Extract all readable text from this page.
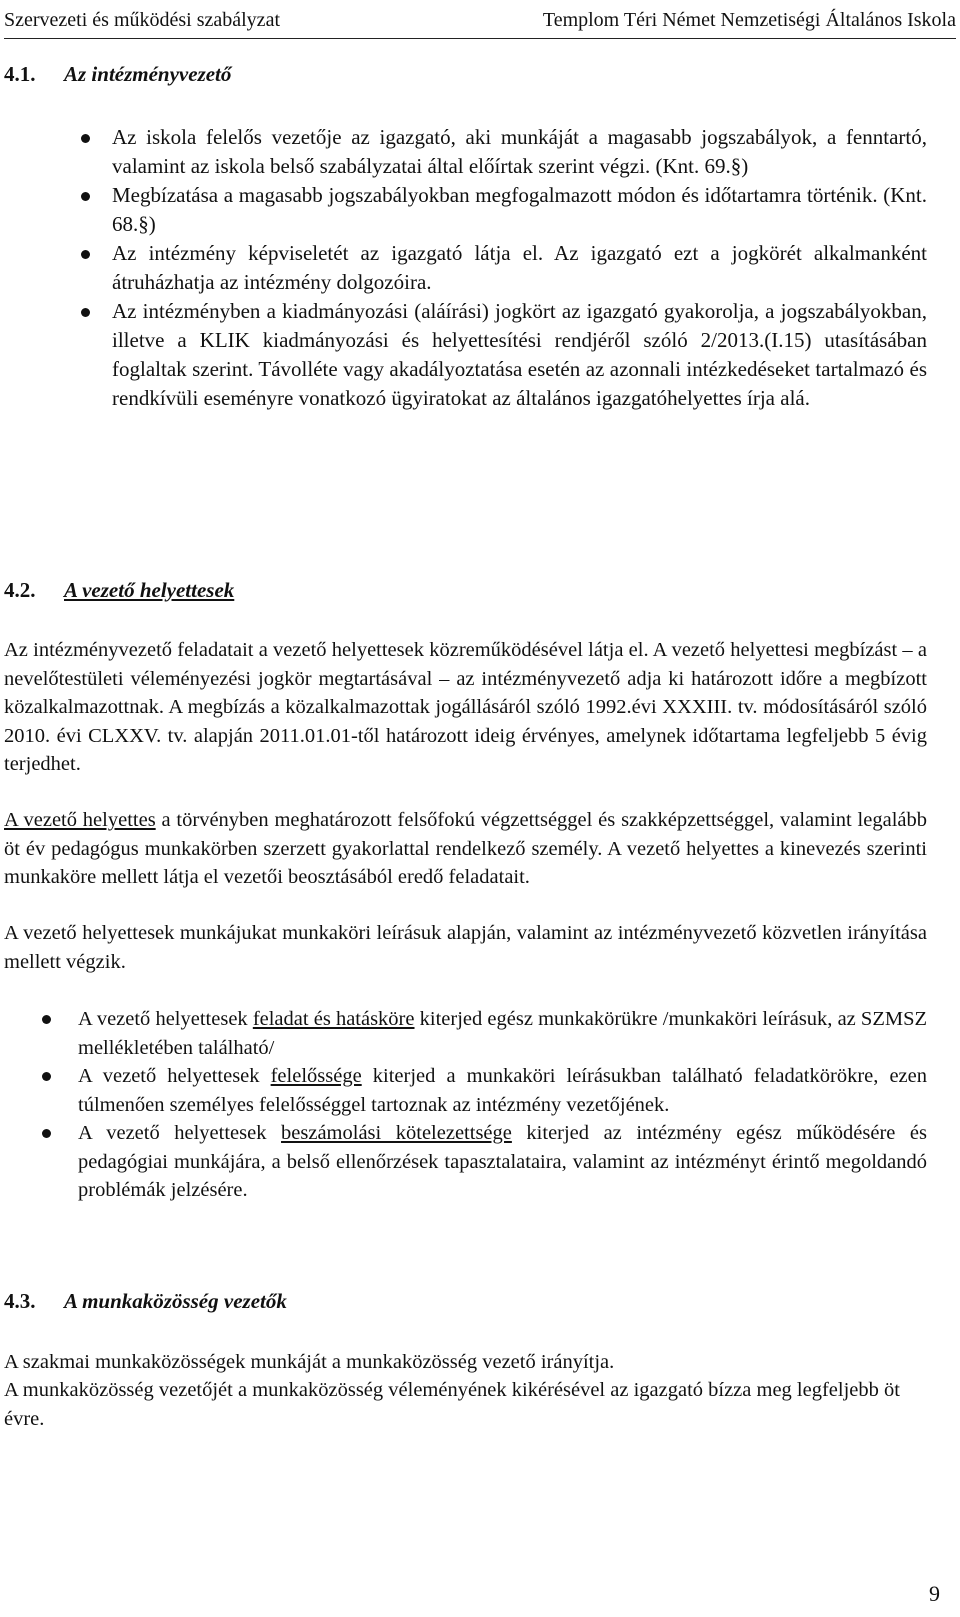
Szervezeti és működési szabályzat	Templom Téri Német Nemzetiségi Általános Iskola
4.1. Az intézményvezető
Az iskola felelős vezetője az igazgató, aki munkáját a magasabb jogszabályok, a fenntartó, valamint az iskola belső szabályzatai által előírtak szerint végzi. (Knt. 69.§)
Megbízatása a magasabb jogszabályokban megfogalmazott módon és időtartamra történik. (Knt. 68.§)
Az intézmény képviseletét az igazgató látja el. Az igazgató ezt a jogkörét alkalmanként átruházhatja az intézmény dolgozóira.
Az intézményben a kiadmányozási (aláírási) jogkört az igazgató gyakorolja, a jogszabályokban, illetve a KLIK kiadmányozási és helyettesítési rendjéről szóló 2/2013.(I.15) utasításában foglaltak szerint. Távolléte vagy akadályoztatása esetén az azonnali intézkedéseket tartalmazó és rendkívüli eseményre vonatkozó ügyiratokat az általános igazgatóhelyettes írja alá.
4.2. A vezető helyettesek
Az intézményvezető feladatait a vezető helyettesek közreműködésével látja el. A vezető helyettesi megbízást – a nevelőtestületi véleményezési jogkör megtartásával – az intézményvezető adja ki határozott időre a megbízott közalkalmazottnak. A megbízás a közalkalmazottak jogállásáról szóló 1992.évi XXXIII. tv. módosításáról szóló 2010. évi CLXXV. tv. alapján 2011.01.01-től határozott ideig érvényes, amelynek időtartama legfeljebb 5 évig terjedhet.
A vezető helyettes a törvényben meghatározott felsőfokú végzettséggel és szakképzettséggel, valamint legalább öt év pedagógus munkakörben szerzett gyakorlattal rendelkező személy. A vezető helyettes a kinevezés szerinti munkaköre mellett látja el vezetői beosztásából eredő feladatait.
A vezető helyettesek munkájukat munkaköri leírásuk alapján, valamint az intézményvezető közvetlen irányítása mellett végzik.
A vezető helyettesek feladat és hatásköre kiterjed egész munkakörükre /munkaköri leírásuk, az SZMSZ mellékletében található/
A vezető helyettesek felelőssége kiterjed a munkaköri leírásukban található feladatkörökre, ezen túlmenően személyes felelősséggel tartoznak az intézmény vezetőjének.
A vezető helyettesek beszámolási kötelezettsége kiterjed az intézmény egész működésére és pedagógiai munkájára, a belső ellenőrzések tapasztalataira, valamint az intézményt érintő megoldandó problémák jelzésére.
4.3. A munkaközösség vezetők
A szakmai munkaközösségek munkáját a munkaközösség vezető irányítja.
A munkaközösség vezetőjét a munkaközösség véleményének kikérésével az igazgató bízza meg legfeljebb öt évre.
9
